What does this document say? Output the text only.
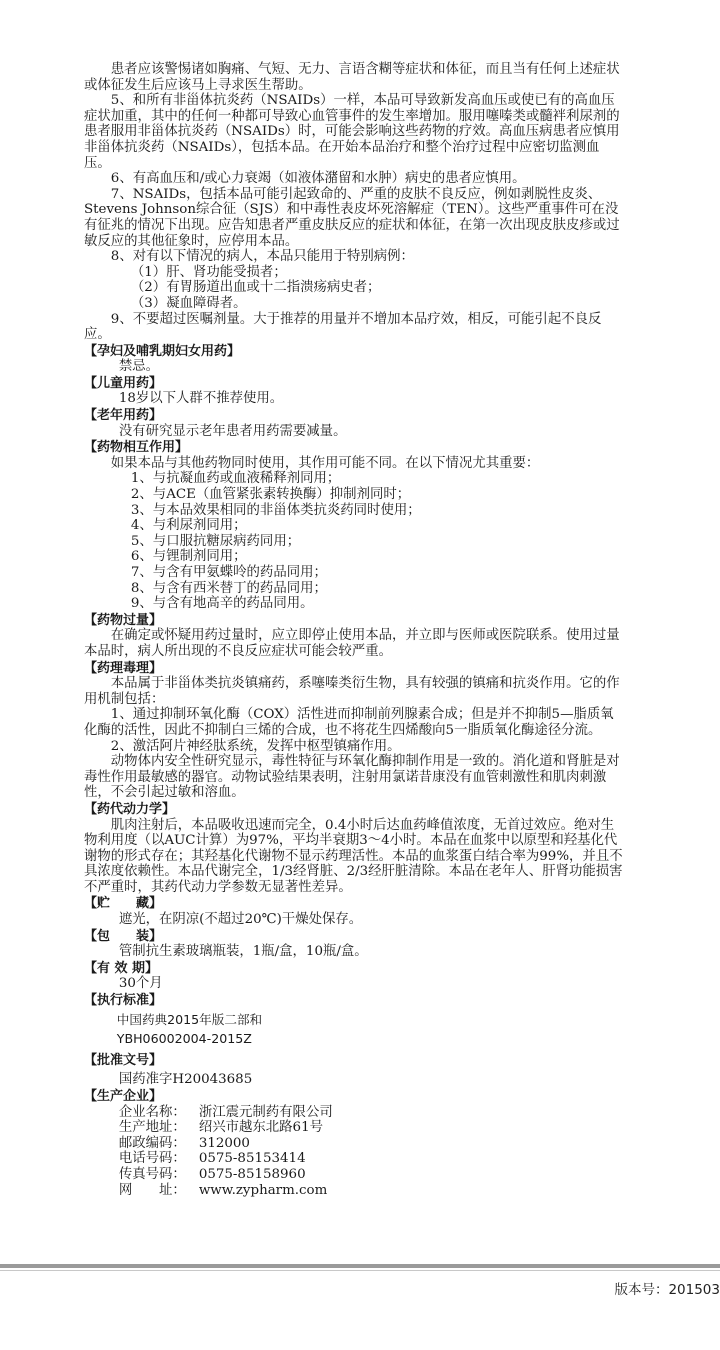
患者应该警惕诸如胸痛、气短、无力、言语含糊等症状和体征，而且当有任何上述症状或体征发生后应该马上寻求医生帮助。

5、和所有非甾体抗炎药（NSAIDs）一样，本品可导致新发高血压或使已有的高血压症状加重，其中的任何一种都可导致心血管事件的发生率增加。服用噻嗪类或髓袢利尿剂的患者服用非甾体抗炎药（NSAIDs）时，可能会影响这些药物的疗效。高血压病患者应慎用非甾体抗炎药（NSAIDs），包括本品。在开始本品治疗和整个治疗过程中应密切监测血压。

6、有高血压和/或心力衰竭（如液体潴留和水肿）病史的患者应慎用。

7、NSAIDs，包括本品可能引起致命的、严重的皮肤不良反应，例如剥脱性皮炎、Stevens Johnson综合征（SJS）和中毒性表皮坏死溶解症（TEN）。这些严重事件可在没有征兆的情况下出现。应告知患者严重皮肤反应的症状和体征，在第一次出现皮肤皮疹或过敏反应的其他征象时，应停用本品。

8、对有以下情况的病人，本品只能用于特别病例：

（1）肝、肾功能受损者；

（2）有胃肠道出血或十二指溃疡病史者；

（3）凝血障碍者。

9、不要超过医嘱剂量。大于推荐的用量并不增加本品疗效，相反，可能引起不良反应。

【孕妇及哺乳期妇女用药】

禁忌。

【儿童用药】

18岁以下人群不推荐使用。

【老年用药】

没有研究显示老年患者用药需要减量。

【药物相互作用】

如果本品与其他药物同时使用，其作用可能不同。在以下情况尤其重要：

1、与抗凝血药或血液稀释剂同用；

2、与ACE（血管紧张素转换酶）抑制剂同时；

3、与本品效果相同的非甾体类抗炎药同时使用；

4、与利尿剂同用；

5、与口服抗糖尿病药同用；

6、与锂制剂同用；

7、与含有甲氨蝶呤的药品同用；

8、与含有西米替丁的药品同用；

9、与含有地高辛的药品同用。

【药物过量】

在确定或怀疑用药过量时，应立即停止使用本品，并立即与医师或医院联系。使用过量本品时，病人所出现的不良反应症状可能会较严重。

【药理毒理】

本品属于非甾体类抗炎镇痛药，系噻嗪类衍生物，具有较强的镇痛和抗炎作用。它的作用机制包括：

1、通过抑制环氧化酶（COX）活性进而抑制前列腺素合成；但是并不抑制5—脂质氧化酶的活性，因此不抑制白三烯的合成，也不将花生四烯酸向5一脂质氧化酶途径分流。

2、激活阿片神经肽系统，发挥中枢型镇痛作用。

动物体内安全性研究显示，毒性特征与环氧化酶抑制作用是一致的。消化道和肾脏是对毒性作用最敏感的器官。动物试验结果表明，注射用氯诺昔康没有血管刺激性和肌肉刺激性，不会引起过敏和溶血。

【药代动力学】

肌肉注射后，本品吸收迅速而完全，0.4小时后达血药峰值浓度，无首过效应。绝对生物利用度（以AUC计算）为97%，平均半衰期3～4小时。本品在血浆中以原型和羟基化代谢物的形式存在；其羟基化代谢物不显示药理活性。本品的血浆蛋白结合率为99%，并且不具浓度依赖性。本品代谢完全，1/3经肾脏、2/3经肝脏清除。本品在老年人、肝肾功能损害不严重时，其药代动力学参数无显著性差异。

【贮　　藏】

遮光，在阴凉(不超过20℃)干燥处保存。

【包　　装】

管制抗生素玻璃瓶装，1瓶/盒，10瓶/盒。

【有 效 期】

30个月

【执行标准】

中国药典2015年版二部和

YBH06002004-2015Z

【批准文号】

国药准字H20043685

【生产企业】

企业名称： 浙江震元制药有限公司
生产地址： 绍兴市越东北路61号
邮政编码： 312000
电话号码： 0575-85153414
传真号码： 0575-85158960
网　　址： www.zypharm.com
版本号：201503
